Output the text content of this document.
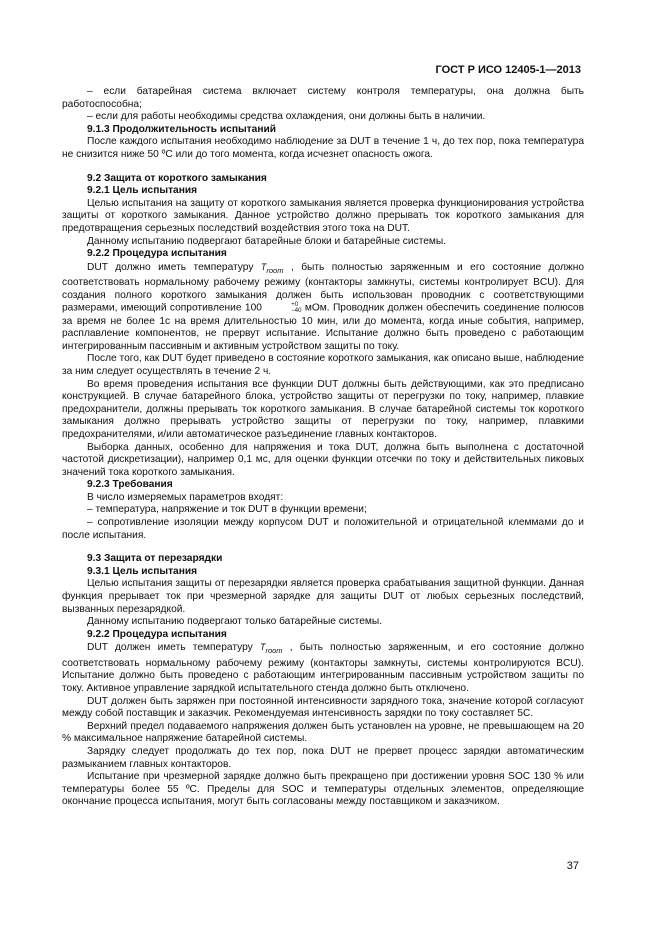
ГОСТ Р ИСО 12405-1—2013

– если батарейная система включает систему контроля температуры, она должна быть работоспособна;

– если для работы необходимы средства охлаждения, они должны быть в наличии.

9.1.3 Продолжительность испытаний

После каждого испытания необходимо наблюдение за DUT в течение 1 ч, до тех пор, пока температура не снизится ниже 50 ºС или до того момента, когда исчезнет опасность ожога.

9.2 Защита от короткого замыкания

9.2.1 Цель испытания

Целью испытания на защиту от короткого замыкания является проверка функционирования устройства защиты от короткого замыкания. Данное устройство должно прерывать ток короткого замыкания для предотвращения серьезных последствий воздействия этого тока на DUT.

Данному испытанию подвергают батарейные блоки и батарейные системы.

9.2.2 Процедура испытания

DUT должно иметь температуру $T_{room}$ , быть полностью заряженным и его состояние должно соответствовать нормальному рабочему режиму (контакторы замкнуты, системы контролирует BCU). Для создания полного короткого замыкания должен быть использован проводник с соответствующими размерами, имеющий сопротивление 100	+0
−40 мОм. Проводник должен обеспечить соединение полюсов за время не более 1с на время длительностью 10 мин, или до момента, когда иные события, например, расплавление компонентов, не прервут испытание. Испытание должно быть проведено с работающим интегрированным пассивным и активным устройством защиты по току.

После того, как DUT будет приведено в состояние короткого замыкания, как описано выше, наблюдение за ним следует осуществлять в течение 2 ч.

Во время проведения испытания все функции DUT должны быть действующими, как это предписано конструкцией. В случае батарейного блока, устройство защиты от перегрузки по току, например, плавкие предохранители, должны прерывать ток короткого замыкания. В случае батарейной системы ток короткого замыкания должно прерывать устройство защиты от перегрузки по току, например, плавкими предохранителями, и/или автоматическое разъединение главных контакторов.

Выборка данных, особенно для напряжения и тока DUT, должна быть выполнена с достаточной частотой дискретизации), например 0,1 мс, для оценки функции отсечки по току и действительных пиковых значений тока короткого замыкания.

9.2.3 Требования

В число измеряемых параметров входят:

– температура, напряжение и ток DUT в функции времени;

– сопротивление изоляции между корпусом DUT и положительной и отрицательной клеммами до и после испытания.

9.3 Защита от перезарядки

9.3.1 Цель испытания

Целью испытания защиты от перезарядки является проверка срабатывания защитной функции. Данная функция прерывает ток при чрезмерной зарядке для защиты DUT от любых серьезных последствий, вызванных перезарядкой.

Данному испытанию подвергают только батарейные системы.

9.2.2 Процедура испытания

DUT должен иметь температуру $T_{room}$ , быть полностью заряженным, и его состояние должно соответствовать нормальному рабочему режиму (контакторы замкнуты, системы контролируются BCU). Испытание должно быть проведено с работающим интегрированным пассивным устройством защиты по току. Активное управление зарядкой испытательного стенда должно быть отключено.

DUT должен быть заряжен при постоянной интенсивности зарядного тока, значение которой согласуют между собой поставщик и заказчик. Рекомендуемая интенсивность зарядки по току составляет 5C.

Верхний предел подаваемого напряжения должен быть установлен на уровне, не превышающем на 20 % максимальное напряжение батарейной системы.

Зарядку следует продолжать до тех пор, пока DUT не прервет процесс зарядки автоматическим размыканием главных контакторов.

Испытание при чрезмерной зарядке должно быть прекращено при достижении уровня SOC 130 % или температуры более 55 ºС. Пределы для SOC и температуры отдельных элементов, определяющие окончание процесса испытания, могут быть согласованы между поставщиком и заказчиком.

37
